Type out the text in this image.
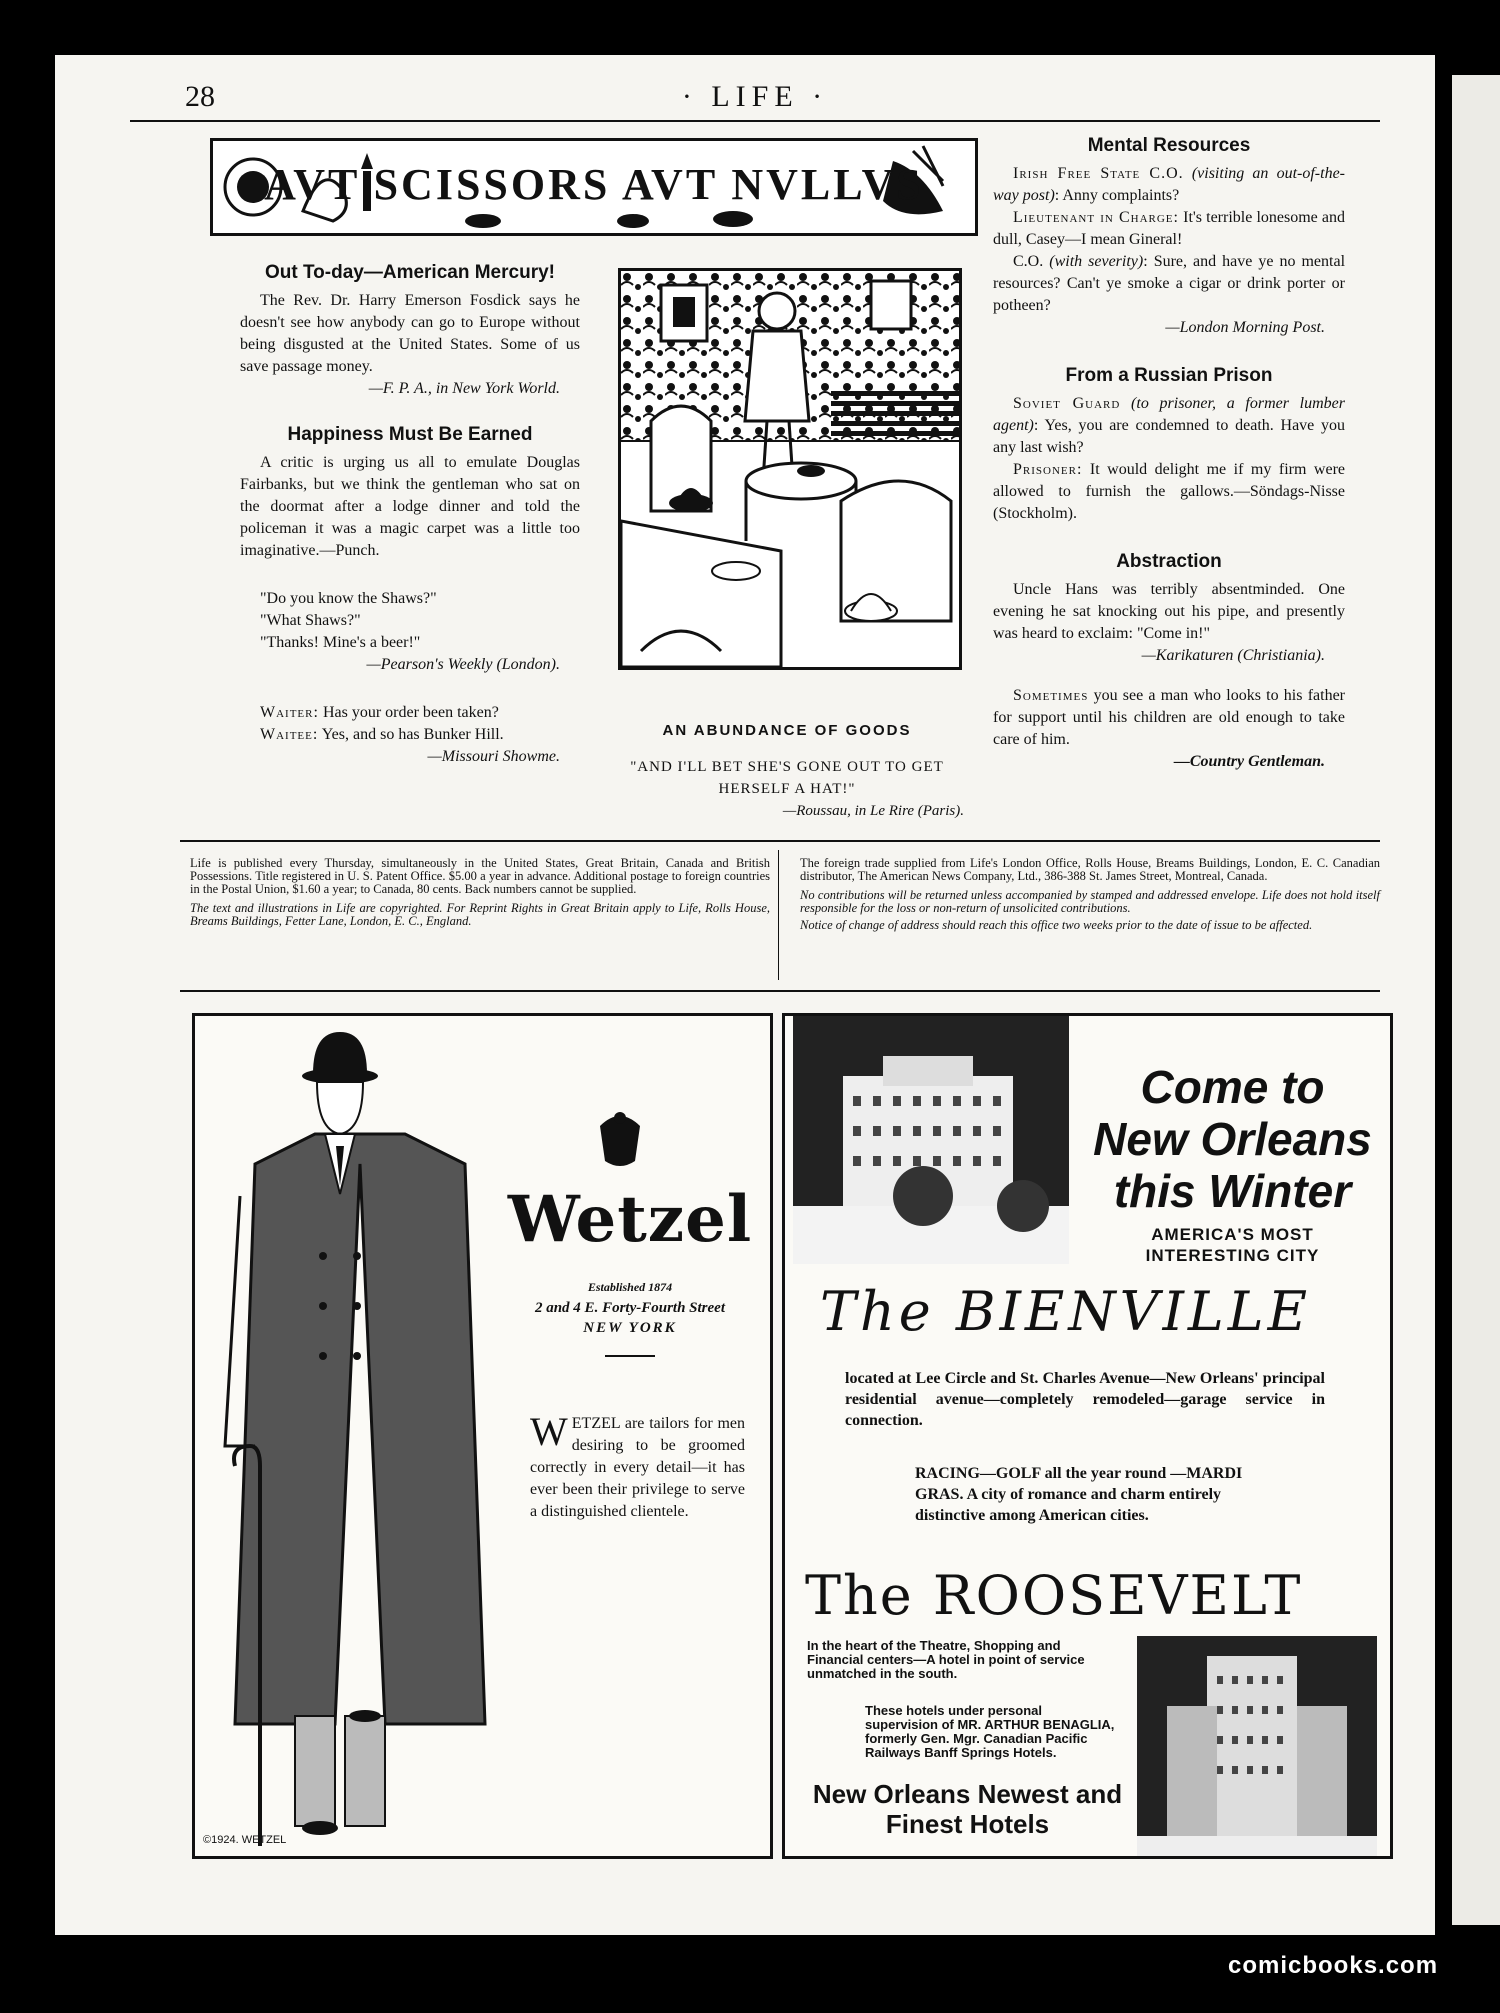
28	· LIFE ·
AVT SCISSORS AVT NVLLVS
Out To-day—American Mercury!

The Rev. Dr. Harry Emerson Fosdick says he doesn't see how anybody can go to Europe without being disgusted at the United States. Some of us save passage money.

—F. P. A., in New York World.

Happiness Must Be Earned

A critic is urging us all to emulate Douglas Fairbanks, but we think the gentleman who sat on the doormat after a lodge dinner and told the policeman it was a magic carpet was a little too imaginative.—Punch.

"Do you know the Shaws?"

"What Shaws?"

"Thanks! Mine's a beer!"

—Pearson's Weekly (London).

Waiter: Has your order been taken?

Waitee: Yes, and so has Bunker Hill.

—Missouri Showme.

AN ABUNDANCE OF GOODS
"AND I'LL BET SHE'S GONE OUT TO GET HERSELF A HAT!"
—Roussau, in Le Rire (Paris).
Mental Resources

Irish Free State C.O. (visiting an out-of-the-way post): Anny complaints?

Lieutenant in Charge: It's terrible lonesome and dull, Casey—I mean Gineral!

C.O. (with severity): Sure, and have ye no mental resources? Can't ye smoke a cigar or drink porter or potheen?

—London Morning Post.

From a Russian Prison

Soviet Guard (to prisoner, a former lumber agent): Yes, you are condemned to death. Have you any last wish?

Prisoner: It would delight me if my firm were allowed to furnish the gallows.—Söndags-Nisse (Stockholm).

Abstraction

Uncle Hans was terribly absentminded. One evening he sat knocking out his pipe, and presently was heard to exclaim: "Come in!"

—Karikaturen (Christiania).

Sometimes you see a man who looks to his father for support until his children are old enough to take care of him.

—Country Gentleman.

Life is published every Thursday, simultaneously in the United States, Great Britain, Canada and British Possessions. Title registered in U. S. Patent Office. $5.00 a year in advance. Additional postage to foreign countries in the Postal Union, $1.60 a year; to Canada, 80 cents. Back numbers cannot be supplied.
The text and illustrations in Life are copyrighted. For Reprint Rights in Great Britain apply to Life, Rolls House, Breams Buildings, Fetter Lane, London, E. C., England.
The foreign trade supplied from Life's London Office, Rolls House, Breams Buildings, London, E. C. Canadian distributor, The American News Company, Ltd., 386-388 St. James Street, Montreal, Canada.
No contributions will be returned unless accompanied by stamped and addressed envelope. Life does not hold itself responsible for the loss or non-return of unsolicited contributions.
Notice of change of address should reach this office two weeks prior to the date of issue to be affected.
©1924. WETZEL
Wetzel
Established 1874
2 and 4 E. Forty-Fourth Street
NEW YORK
WETZEL are tailors for men desiring to be groomed correctly in every detail—it has ever been their privilege to serve a distinguished clientele.
Come to
New Orleans
this Winter
AMERICA'S MOST
INTERESTING CITY
The BIENVILLE
located at Lee Circle and St. Charles Avenue—New Orleans' principal residential avenue—completely remodeled—garage service in connection.
RACING—GOLF all the year round —MARDI GRAS. A city of romance and charm entirely distinctive among American cities.
The ROOSEVELT
In the heart of the Theatre, Shopping and Financial centers—A hotel in point of service unmatched in the south.
These hotels under personal supervision of MR. ARTHUR BENAGLIA, formerly Gen. Mgr. Canadian Pacific Railways Banff Springs Hotels.
New Orleans Newest and
Finest Hotels
comicbooks.com
